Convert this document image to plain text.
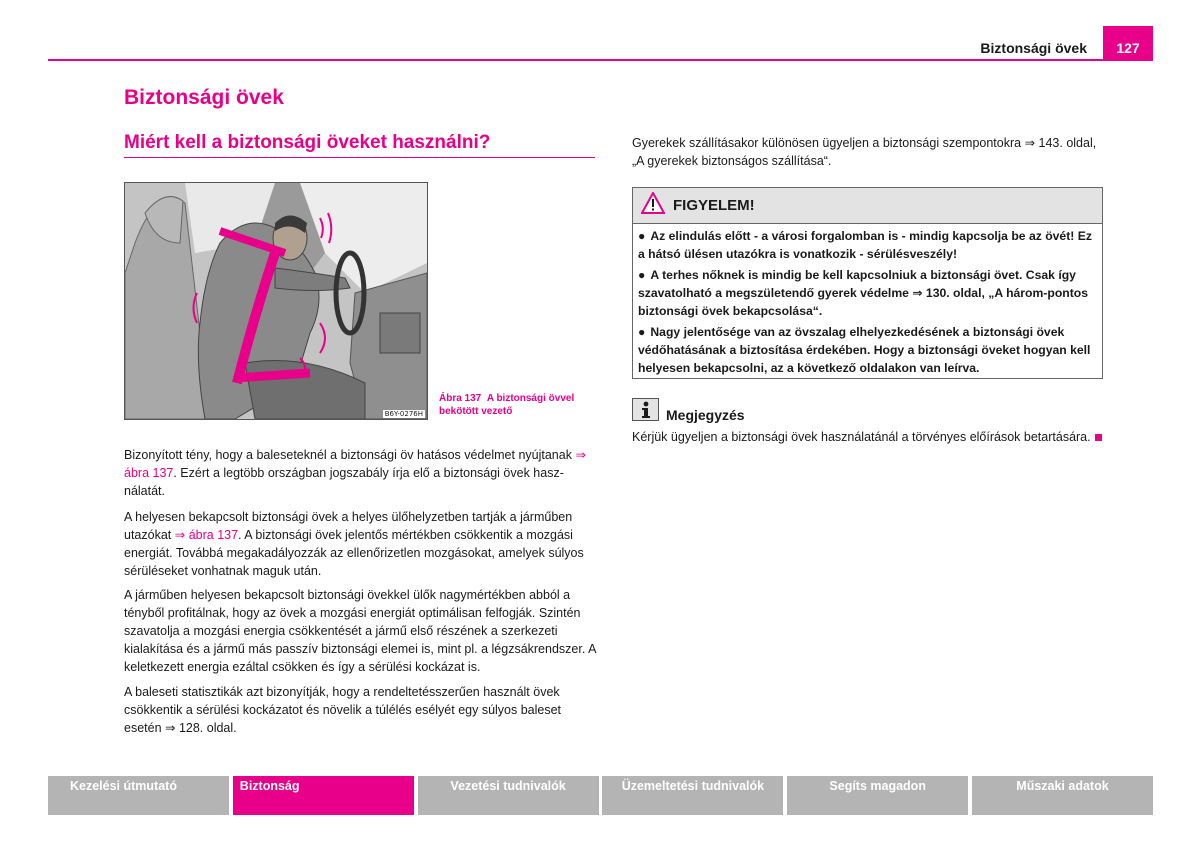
Biztonsági övek	127
Biztonsági övek
Miért kell a biztonsági öveket használni?
B6Y-0276H
Ábra 137 A biztonsági övvel bekötött vezető

Bizonyított tény, hogy a baleseteknél a biztonsági öv hatásos védelmet nyújtanak ⇒ ábra 137. Ezért a legtöbb országban jogszabály írja elő a biztonsági övek hasz-nálatát.

A helyesen bekapcsolt biztonsági övek a helyes ülőhelyzetben tartják a járműben utazókat ⇒ ábra 137. A biztonsági övek jelentős mértékben csökkentik a mozgási energiát. Továbbá megakadályozzák az ellenőrizetlen mozgásokat, amelyek súlyos sérüléseket vonhatnak maguk után.

A járműben helyesen bekapcsolt biztonsági övekkel ülők nagymértékben abból a tényből profitálnak, hogy az övek a mozgási energiát optimálisan felfogják. Szintén szavatolja a mozgási energia csökkentését a jármű első részének a szerkezeti kialakítása és a jármű más passzív biztonsági elemei is, mint pl. a légzsákrendszer. A keletkezett energia ezáltal csökken és így a sérülési kockázat is.

A baleseti statisztikák azt bizonyítják, hogy a rendeltetésszerűen használt övek csökkentik a sérülési kockázatot és növelik a túlélés esélyét egy súlyos baleset esetén ⇒ 128. oldal.

Gyerekek szállításakor különösen ügyeljen a biztonsági szempontokra ⇒ 143. oldal, „A gyerekek biztonságos szállítása“.
FIGYELEM!

● Az elindulás előtt - a városi forgalomban is - mindig kapcsolja be az övét! Ez a hátsó ülésen utazókra is vonatkozik - sérülésveszély!

● A terhes nőknek is mindig be kell kapcsolniuk a biztonsági övet. Csak így szavatolható a megszületendő gyerek védelme ⇒ 130. oldal, „A három-pontos biztonsági övek bekapcsolása“.

● Nagy jelentősége van az övszalag elhelyezkedésének a biztonsági övek védőhatásának a biztosítása érdekében. Hogy a biztonsági öveket hogyan kell helyesen bekapcsolni, az a következő oldalakon van leírva.

Megjegyzés
Kérjük ügyeljen a biztonsági övek használatánál a törvényes előírások betartására.
Kezelési útmutató	Biztonság	Vezetési tudnivalók	Üzemeltetési tudnivalók	Segíts magadon	Műszaki adatok
